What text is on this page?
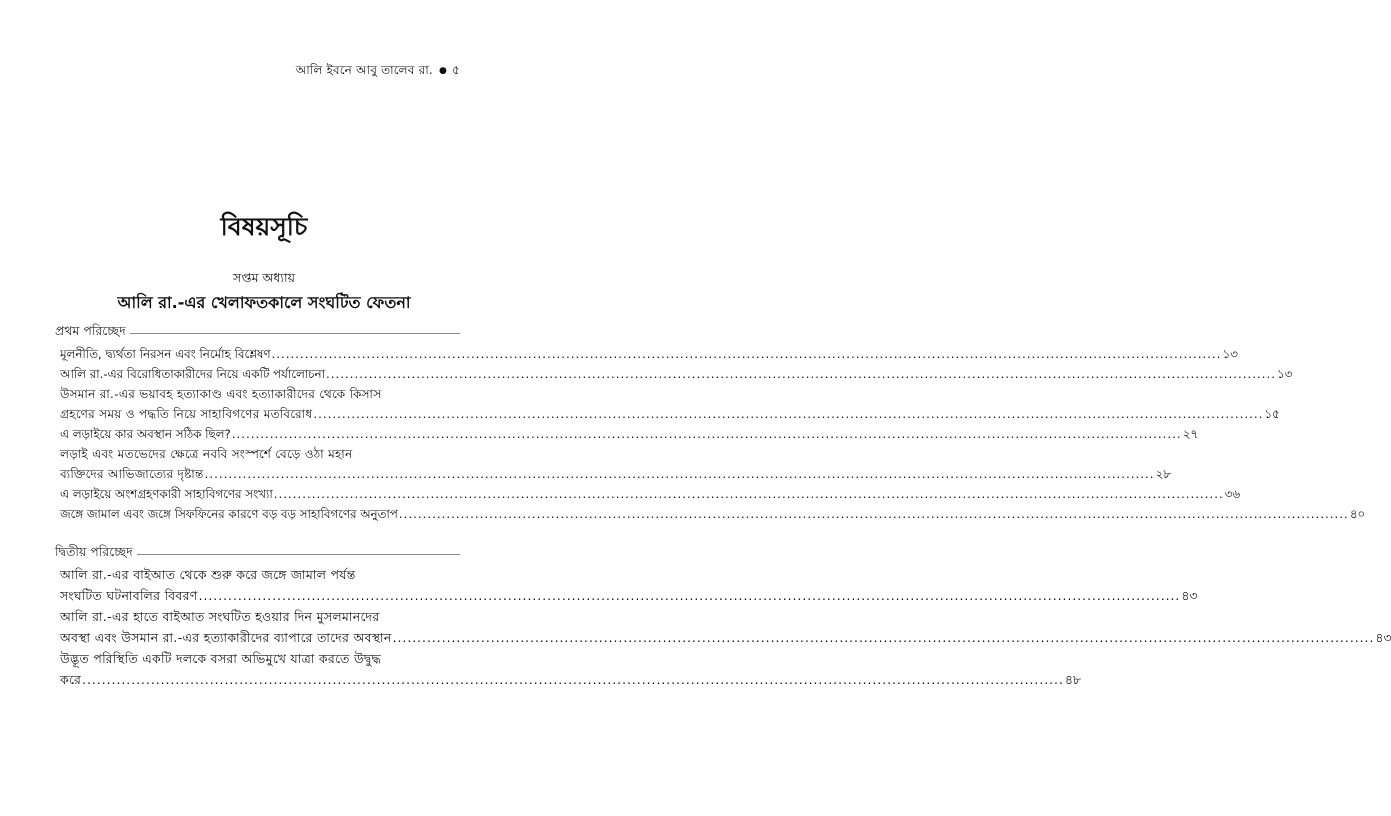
আলি ইবনে আবু তালেব রা. ● ৫
বিষয়সূচি
সপ্তম অধ্যায়
আলি রা.-এর খেলাফতকালে সংঘটিত ফেতনা
প্রথম পরিচ্ছেদ
মূলনীতি, দ্ব্যর্থতা নিরসন এবং নির্মোহ বিশ্লেষণ ........................................................................................................................................................................................................ ১৩
আলি রা.-এর বিরোধিতাকারীদের নিয়ে একটি পর্যালোচনা ........................................................................................................................................................................................................ ১৩
উসমান রা.-এর ভয়াবহ হত্যাকাণ্ড এবং হত্যাকারীদের থেকে কিসাস
গ্রহণের সময় ও পদ্ধতি নিয়ে সাহাবিগণের মতবিরোধ ........................................................................................................................................................................................................ ১৫
এ লড়াইয়ে কার অবস্থান সঠিক ছিল? ........................................................................................................................................................................................................ ২৭
লড়াই এবং মতভেদের ক্ষেত্রে নববি সংস্পর্শে বেড়ে ওঠা মহান
ব্যক্তিদের আভিজাত্যের দৃষ্টান্ত ........................................................................................................................................................................................................ ২৮
এ লড়াইয়ে অংশগ্রহণকারী সাহাবিগণের সংখ্যা ........................................................................................................................................................................................................ ৩৬
জঙ্গে জামাল এবং জঙ্গে সিফফিনের কারণে বড় বড় সাহাবিগণের অনুতাপ ........................................................................................................................................................................................................ ৪০
দ্বিতীয় পরিচ্ছেদ
আলি রা.-এর বাইআত থেকে শুরু করে জঙ্গে জামাল পর্যন্ত
সংঘটিত ঘটনাবলির বিবরণ ........................................................................................................................................................................................................ ৪৩
আলি রা.-এর হাতে বাইআত সংঘটিত হওয়ার দিন মুসলমানদের
অবস্থা এবং উসমান রা.-এর হত্যাকারীদের ব্যাপারে তাদের অবস্থান ........................................................................................................................................................................................................ ৪৩
উদ্ভূত পরিস্থিতি একটি দলকে বসরা অভিমুখে যাত্রা করতে উদ্বুদ্ধ
করে ........................................................................................................................................................................................................ ৪৮
